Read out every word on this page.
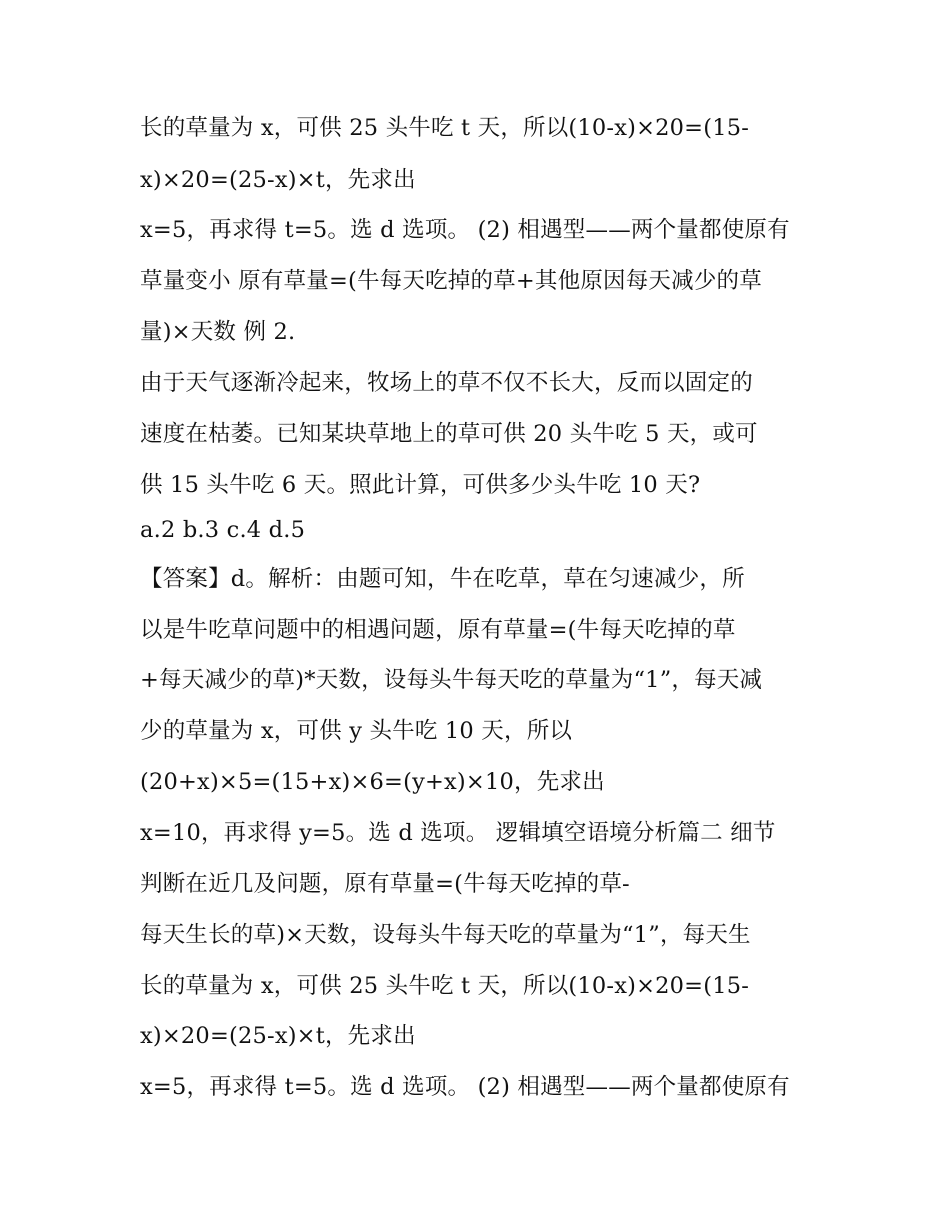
长的草量为 x，可供 25 头牛吃 t 天，所以(10-x)×20=(15-

x)×20=(25-x)×t，先求出

x=5，再求得 t=5。选 d 选项。 (2) 相遇型——两个量都使原有

草量变小 原有草量=(牛每天吃掉的草+其他原因每天减少的草

量)×天数 例 2.

由于天气逐渐冷起来，牧场上的草不仅不长大，反而以固定的

速度在枯萎。已知某块草地上的草可供 20 头牛吃 5 天，或可

供 15 头牛吃 6 天。照此计算，可供多少头牛吃 10 天?

a.2 b.3 c.4 d.5

【答案】d。解析：由题可知，牛在吃草，草在匀速减少，所

以是牛吃草问题中的相遇问题，原有草量=(牛每天吃掉的草

+每天减少的草)*天数，设每头牛每天吃的草量为“1”，每天减

少的草量为 x，可供 y 头牛吃 10 天，所以

(20+x)×5=(15+x)×6=(y+x)×10，先求出

x=10，再求得 y=5。选 d 选项。 逻辑填空语境分析篇二 细节

判断在近几及问题，原有草量=(牛每天吃掉的草-

每天生长的草)×天数，设每头牛每天吃的草量为“1”，每天生

长的草量为 x，可供 25 头牛吃 t 天，所以(10-x)×20=(15-

x)×20=(25-x)×t，先求出

x=5，再求得 t=5。选 d 选项。 (2) 相遇型——两个量都使原有
